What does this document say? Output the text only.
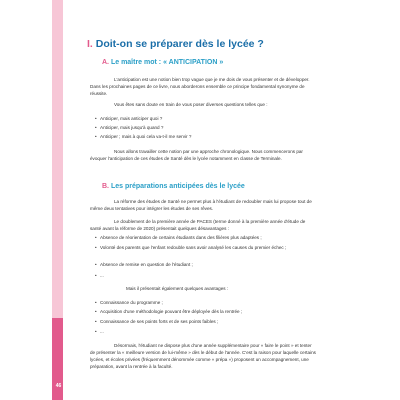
46
I. Doit-on se préparer dès le lycée ?
A. Le maître mot : « ANTICIPATION »
L'anticipation est une notion bien trop vague que je me dois de vous présenter et de développer. Dans les prochaines pages de ce livre, nous aborderons ensemble ce principe fondamental synonyme de réussite.
Vous êtes sans doute en train de vous poser diverses questions telles que :
• Anticiper, mais anticiper quoi ?
• Anticiper, mais jusqu'à quand ?
• Anticiper ; mais à quoi cela va-t-il me servir ?
Nous allons travailler cette notion par une approche chronologique. Nous commencerons par évoquer l'anticipation de ces études de Santé dès le lycée notamment en classe de Terminale.
B. Les préparations anticipées dès le lycée
La réforme des études de Santé ne permet plus à l'étudiant de redoubler mais lui propose tout de même deux tentatives pour intégrer les études de ses rêves.
Le doublement de la première année de PACES (terme donné à la première année d'étude de santé avant la réforme de 2020) présentait quelques désavantages :
• Absence de réorientation de certains étudiants dans des filières plus adaptées ;
• Volonté des parents que l'enfant redouble sans avoir analysé les causes du premier échec ;
• Absence de remise en question de l'étudiant ;
• ...
Mais il présentait également quelques avantages :
• Connaissance du programme ;
• Acquisition d'une méthodologie pouvant être déployée dès la rentrée ;
• Connaissance de ses points forts et de ses points faibles ;
• ...
Désormais, l'étudiant ne dispose plus d'une année supplémentaire pour « faire le point » et tenter de présenter la « meilleure version de lui-même » dès le début de l'année. C'est la raison pour laquelle certains lycées, et écoles privées (fréquemment dénommée comme « prépa ») proposent un accompagnement, une préparation, avant la rentrée à la faculté.
